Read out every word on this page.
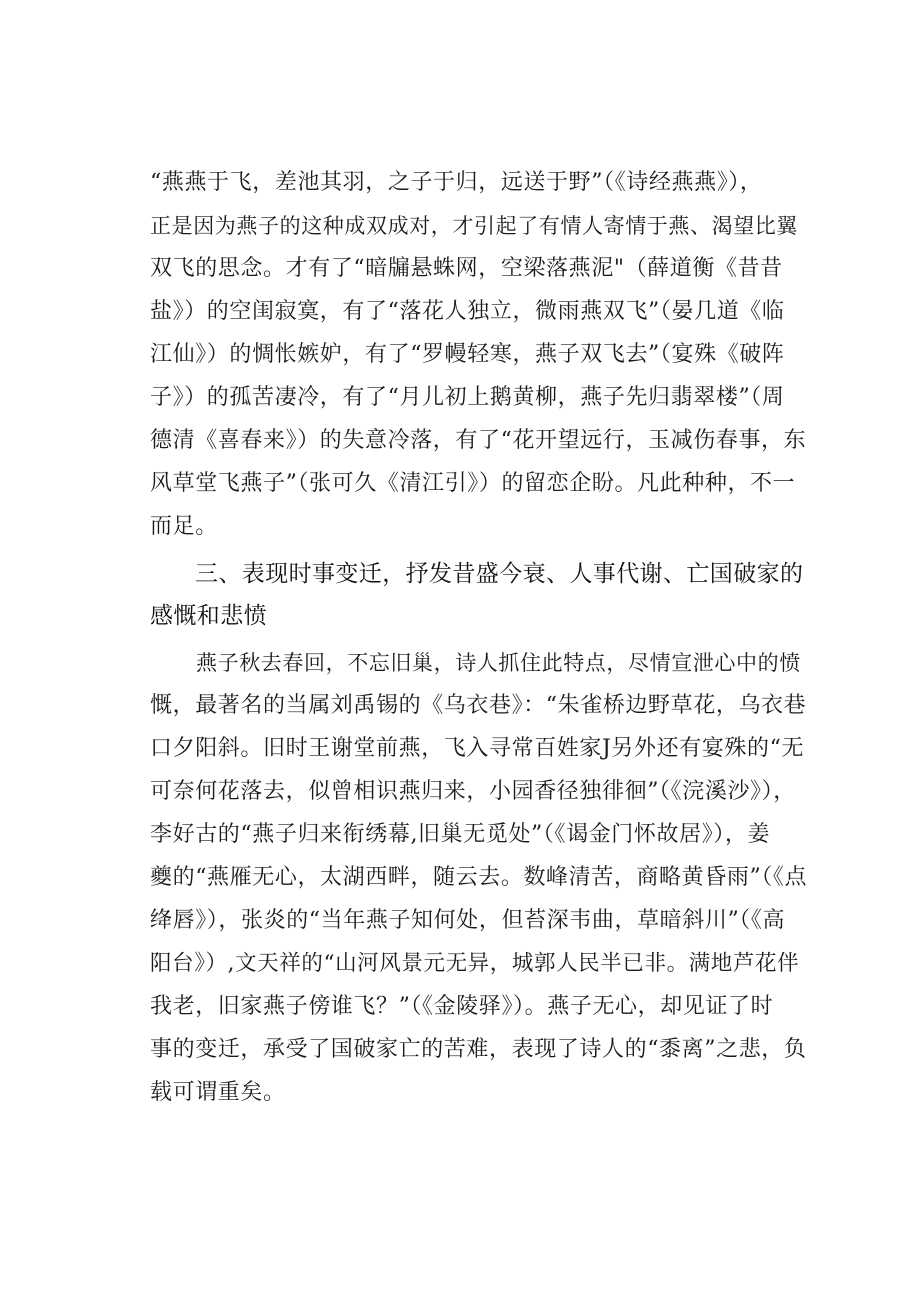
“燕燕于飞，差池其羽，之子于归，远送于野”（《诗经燕燕》），
正是因为燕子的这种成双成对，才引起了有情人寄情于燕、渴望比翼
双飞的思念。才有了“暗牖悬蛛网，空梁落燕泥"（薛道衡《昔昔
盐》）的空闺寂寞，有了“落花人独立，微雨燕双飞”（晏几道《临
江仙》）的惆怅嫉妒，有了“罗幔轻寒，燕子双飞去”（宴殊《破阵
子》）的孤苦凄冷，有了“月儿初上鹅黄柳，燕子先归翡翠楼”（周
德清《喜春来》）的失意冷落，有了“花开望远行，玉减伤春事，东
风草堂飞燕子”（张可久《清江引》）的留恋企盼。凡此种种，不一
而足。
三、表现时事变迁，抒发昔盛今衰、人事代谢、亡国破家的
感慨和悲愤
燕子秋去春回，不忘旧巢，诗人抓住此特点，尽情宣泄心中的愤
慨，最著名的当属刘禹锡的《乌衣巷》：“朱雀桥边野草花，乌衣巷
口夕阳斜。旧时王谢堂前燕，飞入寻常百姓家J另外还有宴殊的“无
可奈何花落去，似曾相识燕归来，小园香径独徘徊”（《浣溪沙》），
李好古的“燕子归来衔绣幕,旧巢无觅处”（《谒金门怀故居》），姜
夔的“燕雁无心，太湖西畔，随云去。数峰清苦，商略黄昏雨”（《点
绛唇》），张炎的“当年燕子知何处，但苔深韦曲，草暗斜川”（《高
阳台》）,文天祥的“山河风景元无异，城郭人民半已非。满地芦花伴
我老，旧家燕子傍谁飞？”（《金陵驿》）。燕子无心，却见证了时
事的变迁，承受了国破家亡的苦难，表现了诗人的“黍离”之悲，负
载可谓重矣。
